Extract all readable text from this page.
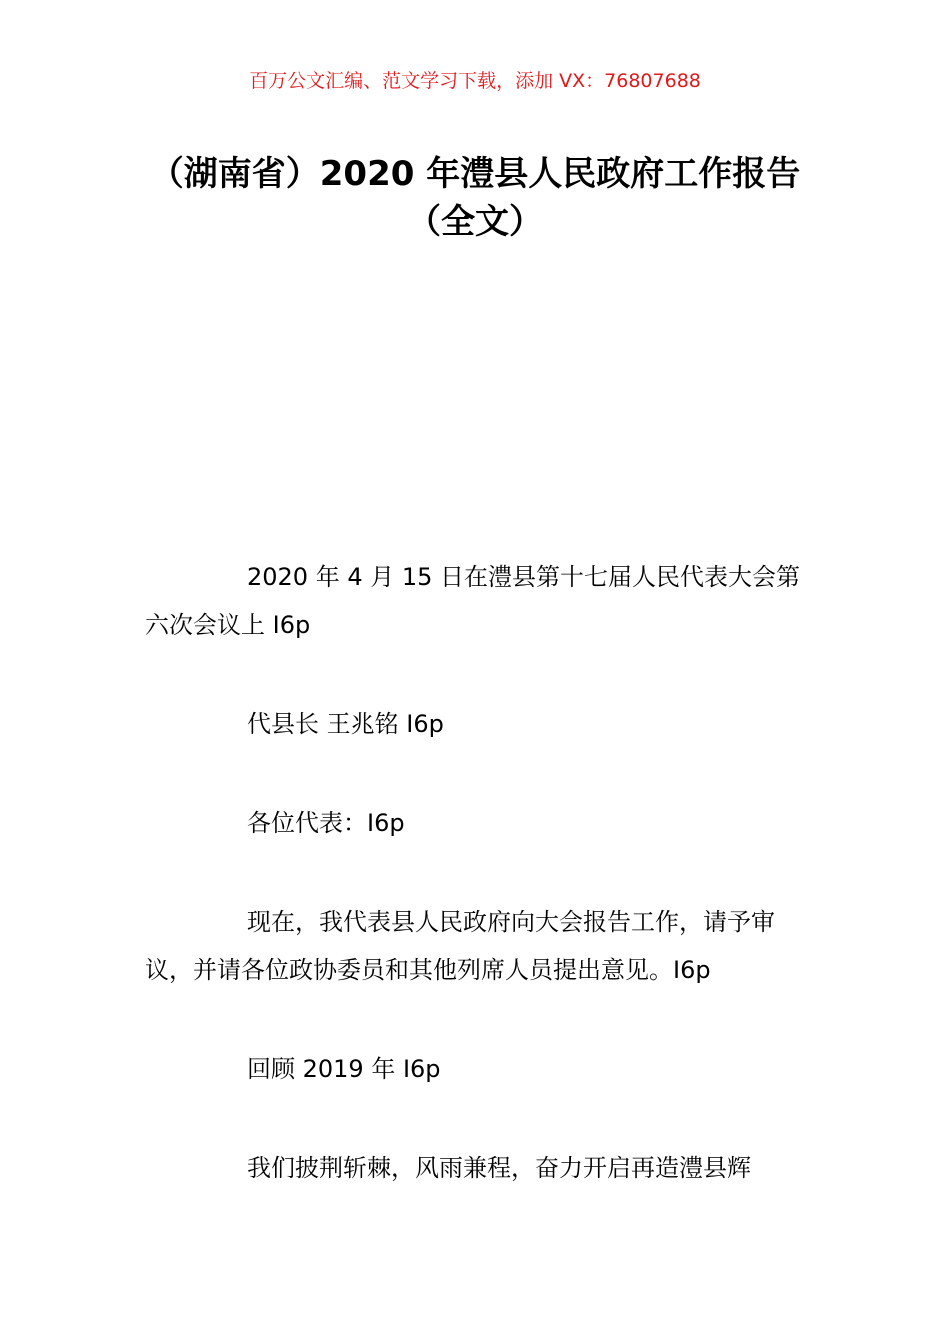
百万公文汇编、范文学习下载，添加 VX：76807688
（湖南省）2020 年澧县人民政府工作报告
（全文）

2020 年 4 月 15 日在澧县第十七届人民代表大会第六次会议上 I6p

代县长 王兆铭 I6p

各位代表：I6p

现在，我代表县人民政府向大会报告工作，请予审议，并请各位政协委员和其他列席人员提出意见。I6p

回顾 2019 年 I6p

我们披荆斩棘，风雨兼程，奋力开启再造澧县辉
